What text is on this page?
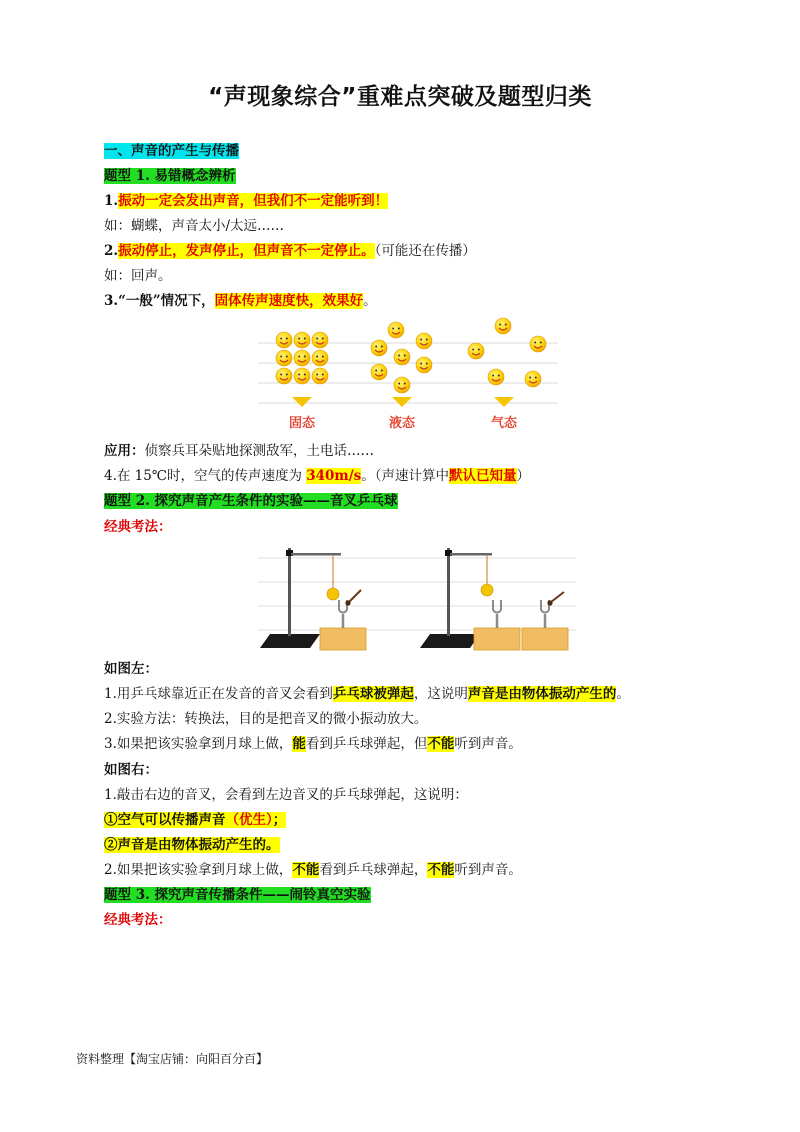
“声现象综合”重难点突破及题型归类
一、声音的产生与传播
题型 1. 易错概念辨析
1.振动一定会发出声音，但我们不一定能听到！
如：蝴蝶，声音太小/太远……
2.振动停止，发声停止，但声音不一定停止。（可能还在传播）
如：回声。
3.“一般”情况下，固体传声速度快，效果好。
固态	液态	气态
应用：侦察兵耳朵贴地探测敌军，土电话……
4.在 15℃时，空气的传声速度为 340m/s。（声速计算中默认已知量）
题型 2. 探究声音产生条件的实验——音叉乒乓球
经典考法：
如图左：
1.用乒乓球靠近正在发音的音叉会看到乒乓球被弹起，这说明声音是由物体振动产生的。
2.实验方法：转换法，目的是把音叉的微小振动放大。
3.如果把该实验拿到月球上做，能看到乒乓球弹起，但不能听到声音。
如图右：
1.敲击右边的音叉，会看到左边音叉的乒乓球弹起，这说明：
①空气可以传播声音（优生）；
②声音是由物体振动产生的。
2.如果把该实验拿到月球上做，不能看到乒乓球弹起，不能听到声音。
题型 3. 探究声音传播条件——闹铃真空实验
经典考法：
资料整理【淘宝店铺：向阳百分百】
